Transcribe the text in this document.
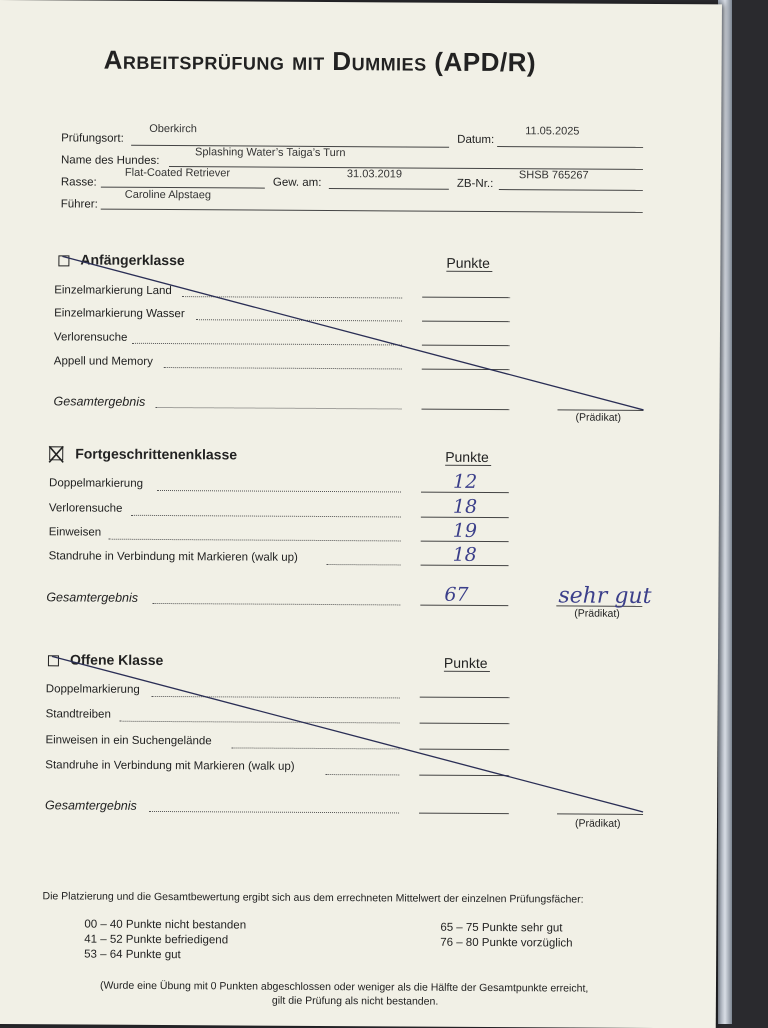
Arbeitsprüfung mit Dummies (APD/R)
Prüfungsort:
Oberkirch
Datum:
11.05.2025
Name des Hundes:
Splashing Water’s Taiga’s Turn
Rasse:
Flat-Coated Retriever
Gew. am:
31.03.2019
ZB-Nr.:
SHSB 765267
Führer:
Caroline Alpstaeg
Anfängerklasse	Punkte
Einzelmarkierung Land
Einzelmarkierung Wasser
Verlorensuche
Appell und Memory
Gesamtergebnis
(Prädikat)
Fortgeschrittenenklasse	Punkte
Doppelmarkierung	12
Verlorensuche	18
Einweisen	19
Standruhe in Verbindung mit Markieren (walk up)	18
Gesamtergebnis	67
(Prädikat)
sehr gut
Offene Klasse	Punkte
Doppelmarkierung
Standtreiben
Einweisen in ein Suchengelände
Standruhe in Verbindung mit Markieren (walk up)
Gesamtergebnis
(Prädikat)
Die Platzierung und die Gesamtbewertung ergibt sich aus dem errechneten Mittelwert der einzelnen Prüfungsfächer:
00 – 40 Punkte nicht bestanden
41 – 52 Punkte befriedigend
53 – 64 Punkte gut
65 – 75 Punkte sehr gut
76 – 80 Punkte vorzüglich
(Wurde eine Übung mit 0 Punkten abgeschlossen oder weniger als die Hälfte der Gesamtpunkte erreicht,
gilt die Prüfung als nicht bestanden.
